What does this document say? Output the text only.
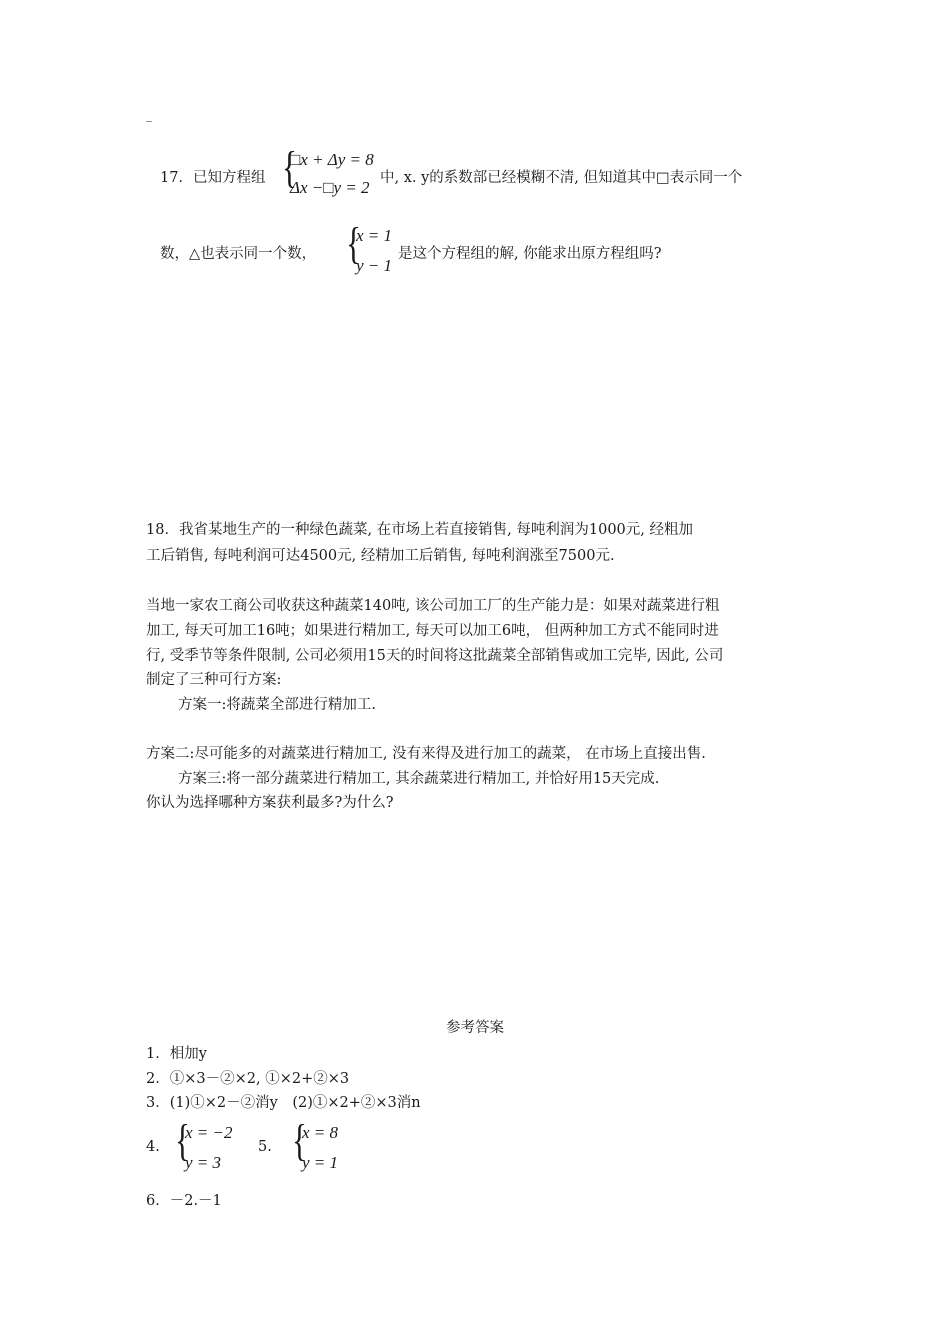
_
17．已知方程组 {
□x + Δy = 8
Δx −□y = 2 中, x. y的系数部已经模糊不清, 但知道其中□表示同一个
数，△也表示同一个数， {
x = 1
y − 1
是这个方程组的解, 你能求出原方程组吗?
18．我省某地生产的一种绿色蔬菜, 在市场上若直接销售, 每吨利润为1000元, 经粗加
工后销售, 每吨利润可达4500元, 经精加工后销售, 每吨利润涨至7500元.
当地一家农工商公司收获这种蔬菜140吨, 该公司加工厂的生产能力是：如果对蔬菜进行粗
加工, 每天可加工16吨；如果进行精加工, 每天可以加工6吨， 但两种加工方式不能同时进
行, 受季节等条件限制, 公司必须用15天的时间将这批蔬菜全部销售或加工完毕, 因此, 公司
制定了三种可行方案:
方案一:将蔬菜全部进行精加工.
方案二:尽可能多的对蔬菜进行精加工, 没有来得及进行加工的蔬菜， 在市场上直接出售.
方案三:将一部分蔬菜进行精加工, 其余蔬菜进行精加工, 并恰好用15天完成.
你认为选择哪种方案获利最多?为什么?
参考答案
1．相加y
2．①×3－②×2, ①×2+②×3
3．(1)①×2－②消y　(2)①×2+②×3消n
4. {
x = −2
y = 3
5. {
x = 8
y = 1
6．－2.－1
